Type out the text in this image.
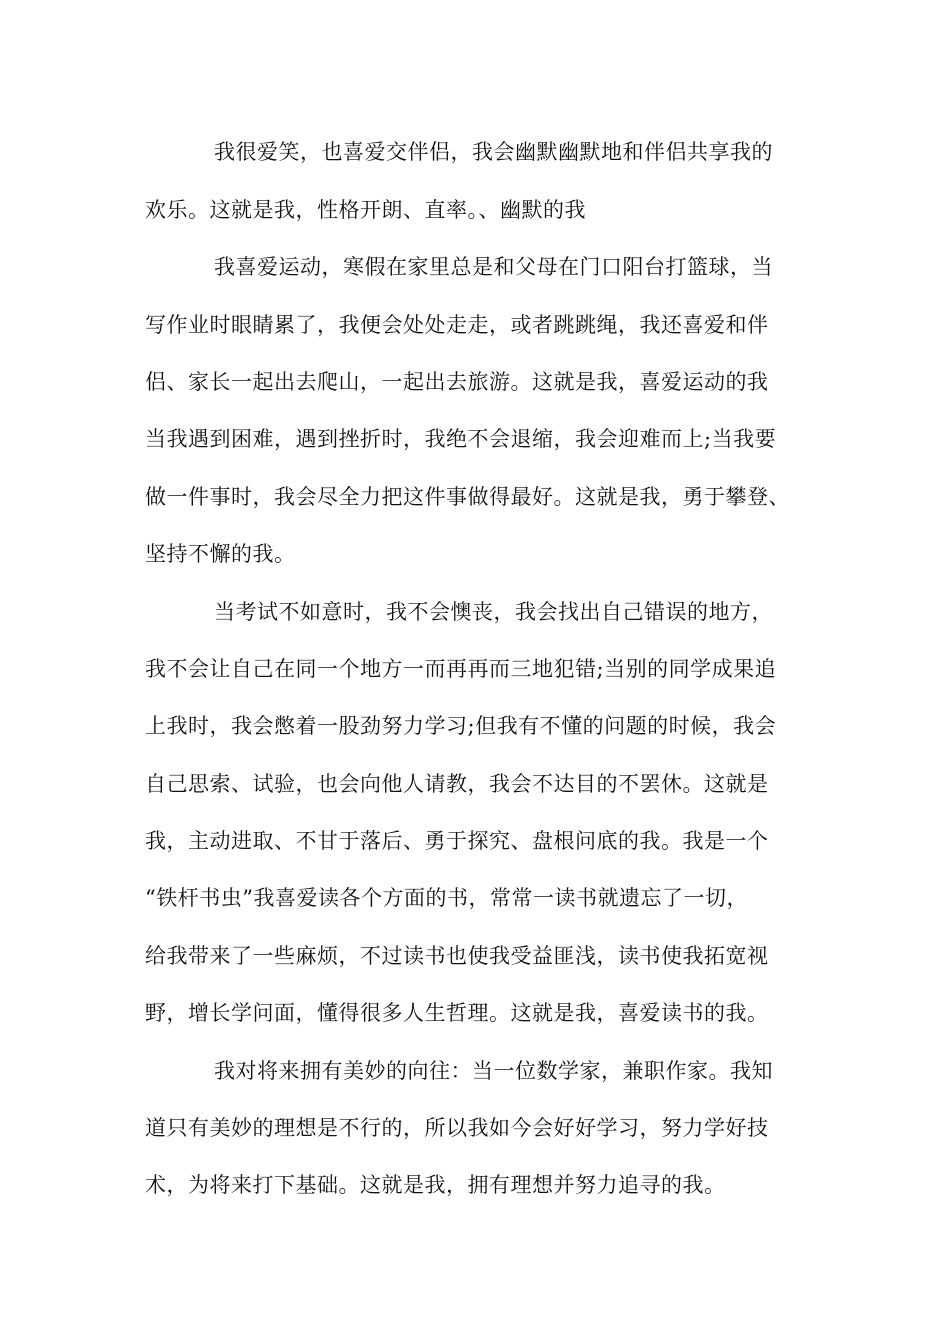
我很爱笑，也喜爱交伴侣，我会幽默幽默地和伴侣共享我的

欢乐。这就是我，性格开朗、直率。、幽默的我

我喜爱运动，寒假在家里总是和父母在门口阳台打篮球，当

写作业时眼睛累了，我便会处处走走，或者跳跳绳，我还喜爱和伴

侣、家长一起出去爬山，一起出去旅游。这就是我，喜爱运动的我

当我遇到困难，遇到挫折时，我绝不会退缩，我会迎难而上;当我要

做一件事时，我会尽全力把这件事做得最好。这就是我，勇于攀登、

坚持不懈的我。

当考试不如意时，我不会懊丧，我会找出自己错误的地方，

我不会让自己在同一个地方一而再再而三地犯错;当别的同学成果追

上我时，我会憋着一股劲努力学习;但我有不懂的问题的时候，我会

自己思索、试验，也会向他人请教，我会不达目的不罢休。这就是

我，主动进取、不甘于落后、勇于探究、盘根问底的我。我是一个

“铁杆书虫”我喜爱读各个方面的书，常常一读书就遗忘了一切，

给我带来了一些麻烦，不过读书也使我受益匪浅，读书使我拓宽视

野，增长学问面，懂得很多人生哲理。这就是我，喜爱读书的我。

我对将来拥有美妙的向往：当一位数学家，兼职作家。我知

道只有美妙的理想是不行的，所以我如今会好好学习，努力学好技

术，为将来打下基础。这就是我，拥有理想并努力追寻的我。
